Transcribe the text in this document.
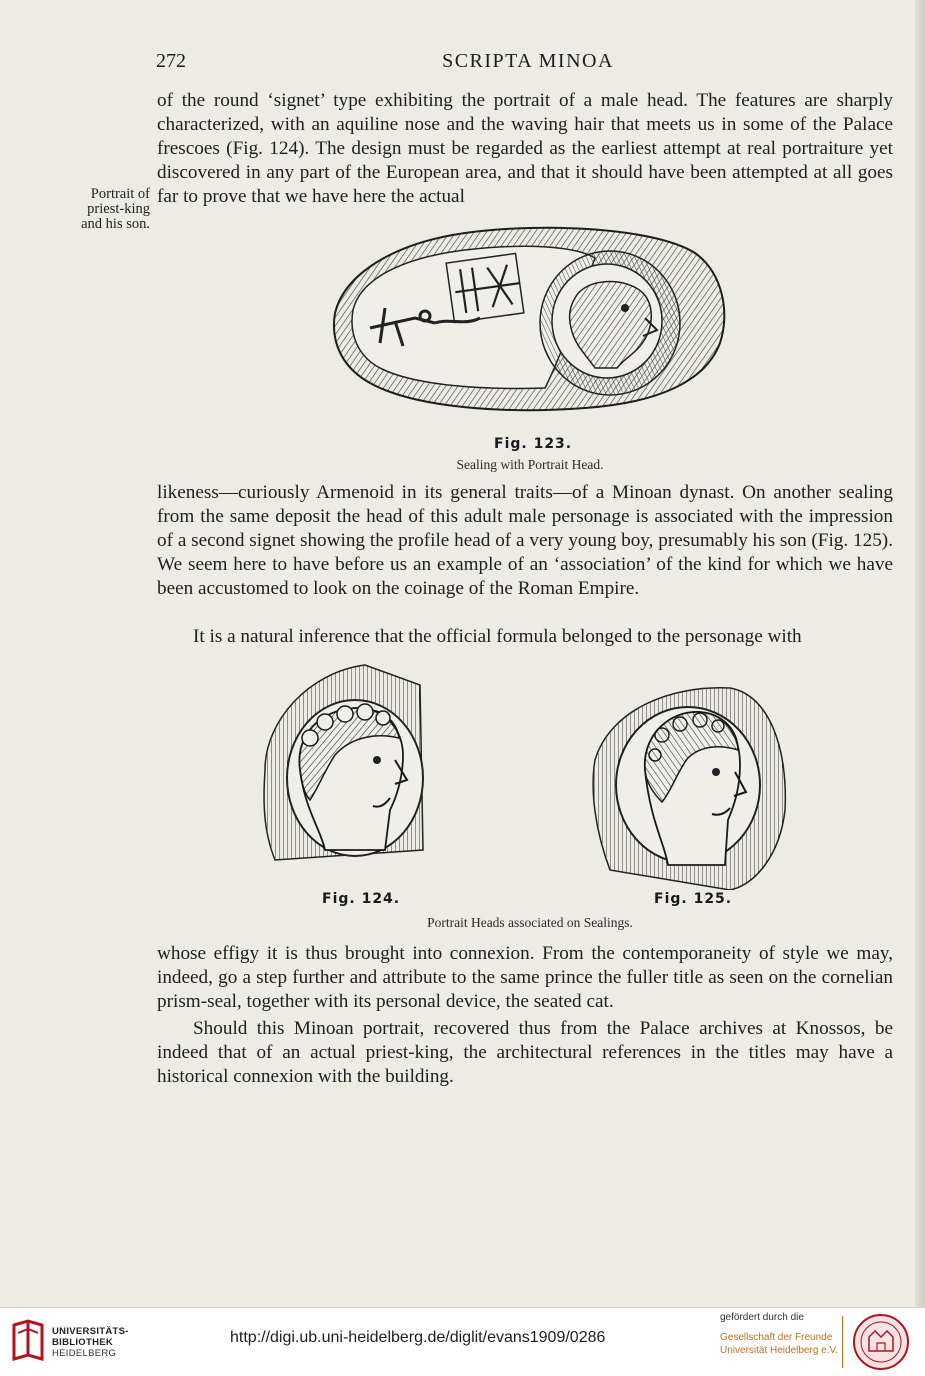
272	SCRIPTA MINOA

of the round ‘signet’ type exhibiting the portrait of a male head. The features are sharply characterized, with an aquiline nose and the waving hair that meets us in some of the Palace frescoes (Fig. 124). The design must be regarded as the earliest attempt at real portraiture yet discovered in any part of the European area, and that it should have been attempted at all goes far to prove that we have here the actual

Portrait of
priest-king
and his son.
Fig. 123.
Sealing with Portrait Head.

likeness—curiously Armenoid in its general traits—of a Minoan dynast. On another sealing from the same deposit the head of this adult male personage is associated with the impression of a second signet showing the profile head of a very young boy, presumably his son (Fig. 125). We seem here to have before us an example of an ‘association’ of the kind for which we have been accustomed to look on the coinage of the Roman Empire.

It is a natural inference that the official formula belonged to the personage with

Fig. 124.	Fig. 125.
Portrait Heads associated on Sealings.

whose effigy it is thus brought into connexion. From the contemporaneity of style we may, indeed, go a step further and attribute to the same prince the fuller title as seen on the cornelian prism-seal, together with its personal device, the seated cat.

Should this Minoan portrait, recovered thus from the Palace archives at Knossos, be indeed that of an actual priest-king, the architectural references in the titles may have a historical connexion with the building.

UNIVERSITÄTS-
BIBLIOTHEK
HEIDELBERG
http://digi.ub.uni-heidelberg.de/diglit/evans1909/0286
gefördert durch die
Gesellschaft der Freunde
Universität Heidelberg e.V.
